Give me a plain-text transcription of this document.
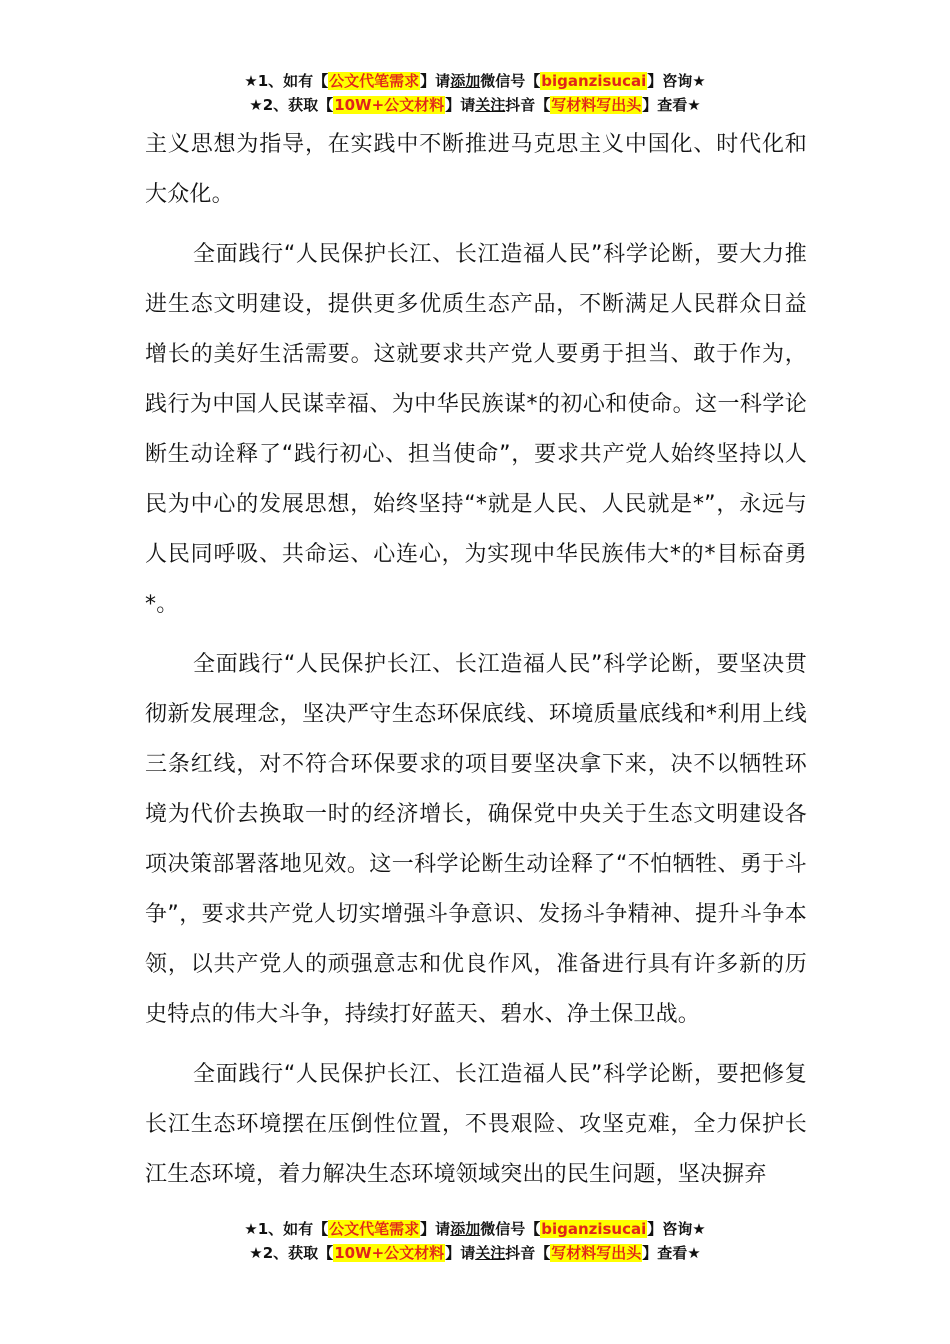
★1、如有【公文代笔需求】请添加微信号【biganzisucai】咨询★
★2、获取【10W+公文材料】请关注抖音【写材料写出头】查看★

主义思想为指导，在实践中不断推进马克思主义中国化、时代化和大众化。

全面践行“人民保护长江、长江造福人民”科学论断，要大力推进生态文明建设，提供更多优质生态产品，不断满足人民群众日益增长的美好生活需要。这就要求共产党人要勇于担当、敢于作为，践行为中国人民谋幸福、为中华民族谋*的初心和使命。这一科学论断生动诠释了“践行初心、担当使命”，要求共产党人始终坚持以人民为中心的发展思想，始终坚持“*就是人民、人民就是*”，永远与人民同呼吸、共命运、心连心，为实现中华民族伟大*的*目标奋勇*。

全面践行“人民保护长江、长江造福人民”科学论断，要坚决贯彻新发展理念，坚决严守生态环保底线、环境质量底线和*利用上线三条红线，对不符合环保要求的项目要坚决拿下来，决不以牺牲环境为代价去换取一时的经济增长，确保党中央关于生态文明建设各项决策部署落地见效。这一科学论断生动诠释了“不怕牺牲、勇于斗争”，要求共产党人切实增强斗争意识、发扬斗争精神、提升斗争本领，以共产党人的顽强意志和优良作风，准备进行具有许多新的历史特点的伟大斗争，持续打好蓝天、碧水、净土保卫战。

全面践行“人民保护长江、长江造福人民”科学论断，要把修复长江生态环境摆在压倒性位置，不畏艰险、攻坚克难，全力保护长江生态环境，着力解决生态环境领域突出的民生问题，坚决摒弃

★1、如有【公文代笔需求】请添加微信号【biganzisucai】咨询★
★2、获取【10W+公文材料】请关注抖音【写材料写出头】查看★
